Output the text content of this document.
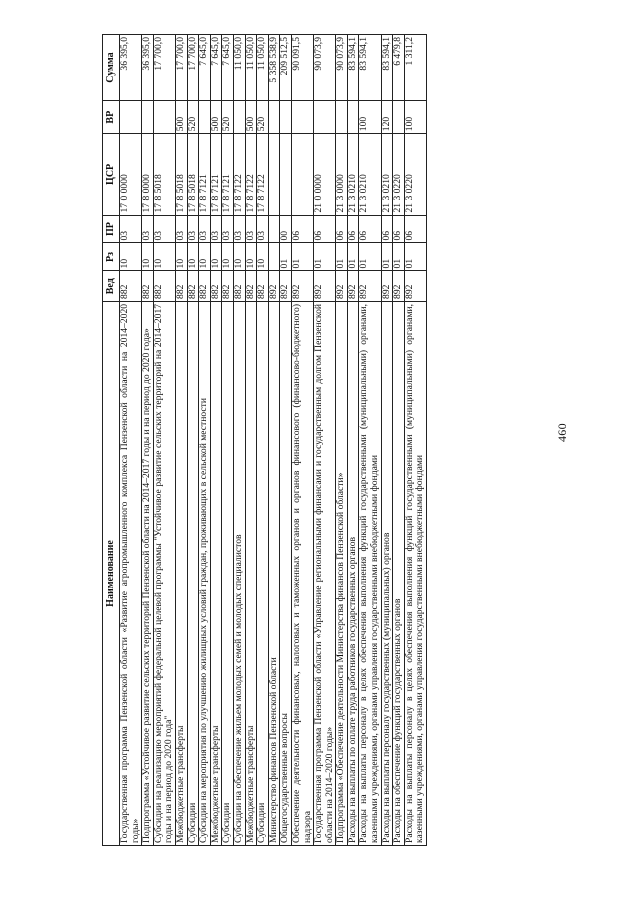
460
Наименование	Вед	Рз	ПР	ЦСР	ВР	Сумма
Государственная программа Пензенской области «Развитие агропромышленного комплекса Пензенской области на 2014–2020 годы»	882	10	03	17 0 0000		36 395,0
Подпрограмма «Устойчивое развитие сельских территорий Пензенской области на 2014–2017 годы и на период до 2020 года»	882	10	03	17 8 0000		36 395,0
Субсидии на реализацию мероприятий федеральной целевой программы "Устойчивое развитие сельских территорий на 2014–2017 годы и на период до 2020 года"	882	10	03	17 8 5018		17 700,0
Межбюджетные трансферты	882	10	03	17 8 5018	500	17 700,0
Субсидии	882	10	03	17 8 5018	520	17 700,0
Субсидии на мероприятия по улучшению жилищных условий граждан, проживающих в сельской местности	882	10	03	17 8 7121		7 645,0
Межбюджетные трансферты	882	10	03	17 8 7121	500	7 645,0
Субсидии	882	10	03	17 8 7121	520	7 645,0
Субсидии на обеспечение жильем молодых семей и молодых специалистов	882	10	03	17 8 7122		11 050,0
Межбюджетные трансферты	882	10	03	17 8 7122	500	11 050,0
Субсидии	882	10	03	17 8 7122	520	11 050,0
Министерство финансов Пензенской области	892					5 358 538,9
Общегосударственные вопросы	892	01	00			209 512,5
Обеспечение деятельности финансовых, налоговых и таможенных органов и органов финансового (финансово-бюджетного) надзора	892	01	06			90 091,5
Государственная программа Пензенской области «Управление региональными финансами и государственным долгом Пензенской области на 2014–2020 годы»	892	01	06	21 0 0000		90 073,9
Подпрограмма «Обеспечение деятельности Министерства финансов Пензенской области»	892	01	06	21 3 0000		90 073,9
Расходы на выплаты по оплате труда работников государственных органов	892	01	06	21 3 0210		83 594,1
Расходы на выплаты персоналу в целях обеспечения выполнения функций государственными (муниципальными) органами, казенными учреждениями, органами управления государственными внебюджетными фондами	892	01	06	21 3 0210	100	83 594,1
Расходы на выплаты персоналу государственных (муниципальных) органов	892	01	06	21 3 0210	120	83 594,1
Расходы на обеспечение функций государственных органов	892	01	06	21 3 0220		6 479,8
Расходы на выплаты персоналу в целях обеспечения выполнения функций государственными (муниципальными) органами, казенными учреждениями, органами управления государственными внебюджетными фондами	892	01	06	21 3 0220	100	1 311,2
